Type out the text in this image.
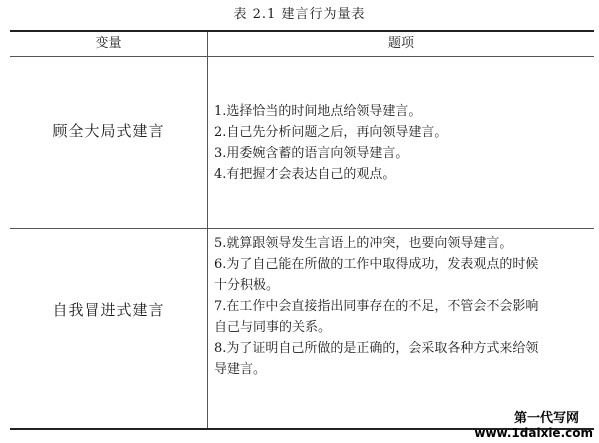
表 2.1 建言行为量表
变量	题项
顾全大局式建言
1.选择恰当的时间地点给领导建言。
2.自己先分析问题之后，再向领导建言。
3.用委婉含蓄的语言向领导建言。
4.有把握才会表达自己的观点。
自我冒进式建言
5.就算跟领导发生言语上的冲突，也要向领导建言。
6.为了自己能在所做的工作中取得成功，发表观点的时候
十分积极。
7.在工作中会直接指出同事存在的不足，不管会不会影响
自己与同事的关系。
8.为了证明自己所做的是正确的，会采取各种方式来给领
导建言。
第一代写网
www.1daixie.com
